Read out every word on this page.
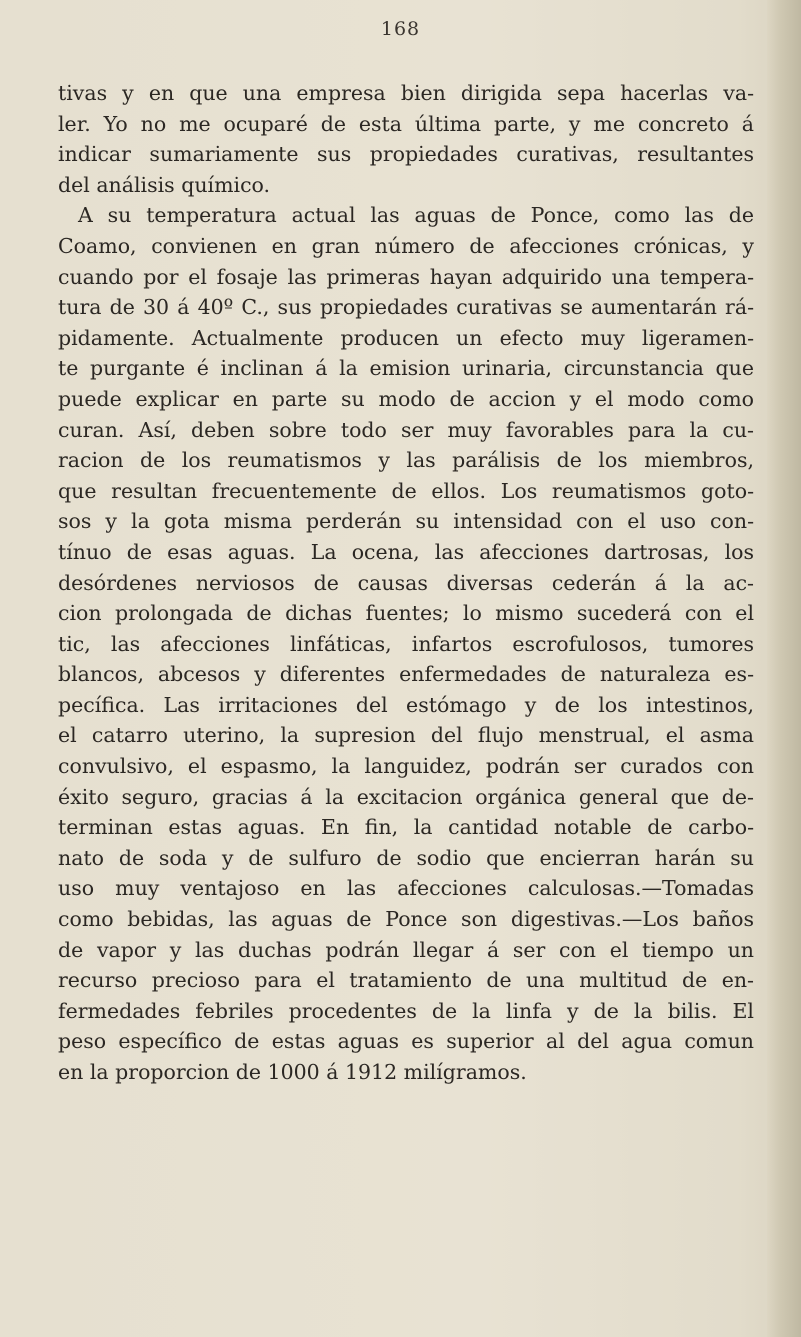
168
tivas y en que una empresa bien dirigida sepa hacerlas va-
ler. Yo no me ocuparé de esta última parte, y me concreto á
indicar sumariamente sus propiedades curativas, resultantes
del análisis químico.
A su temperatura actual las aguas de Ponce, como las de
Coamo, convienen en gran número de afecciones crónicas, y
cuando por el fosaje las primeras hayan adquirido una tempera-
tura de 30 á 40º C., sus propiedades curativas se aumentarán rá-
pidamente. Actualmente producen un efecto muy ligeramen-
te purgante é inclinan á la emision urinaria, circunstancia que
puede explicar en parte su modo de accion y el modo como
curan. Así, deben sobre todo ser muy favorables para la cu-
racion de los reumatismos y las parálisis de los miembros,
que resultan frecuentemente de ellos. Los reumatismos goto-
sos y la gota misma perderán su intensidad con el uso con-
tínuo de esas aguas. La ocena, las afecciones dartrosas, los
desórdenes nerviosos de causas diversas cederán á la ac-
cion prolongada de dichas fuentes; lo mismo sucederá con el
tic, las afecciones linfáticas, infartos escrofulosos, tumores
blancos, abcesos y diferentes enfermedades de naturaleza es-
pecífica. Las irritaciones del estómago y de los intestinos,
el catarro uterino, la supresion del flujo menstrual, el asma
convulsivo, el espasmo, la languidez, podrán ser curados con
éxito seguro, gracias á la excitacion orgánica general que de-
terminan estas aguas. En fin, la cantidad notable de carbo-
nato de soda y de sulfuro de sodio que encierran harán su
uso muy ventajoso en las afecciones calculosas.—Tomadas
como bebidas, las aguas de Ponce son digestivas.—Los baños
de vapor y las duchas podrán llegar á ser con el tiempo un
recurso precioso para el tratamiento de una multitud de en-
fermedades febriles procedentes de la linfa y de la bilis. El
peso específico de estas aguas es superior al del agua comun
en la proporcion de 1000 á 1912 milígramos.
